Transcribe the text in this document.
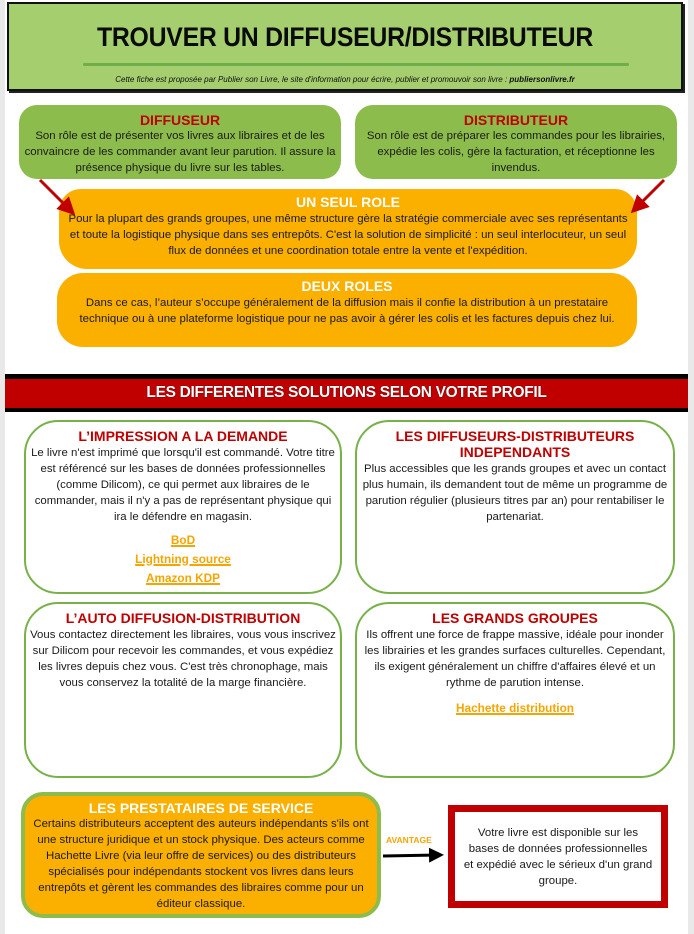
TROUVER UN DIFFUSEUR/DISTRIBUTEUR
Cette fiche est proposée par Publier son Livre, le site d'information pour écrire, publier et promouvoir son livre : publiersonlivre.fr
DIFFUSEUR
Son rôle est de présenter vos livres aux libraires et de les convaincre de les commander avant leur parution. Il assure la présence physique du livre sur les tables.
DISTRIBUTEUR
Son rôle est de préparer les commandes pour les librairies, expédie les colis, gère la facturation, et réceptionne les invendus.
UN SEUL ROLE
Pour la plupart des grands groupes, une même structure gère la stratégie commerciale avec ses représentants et toute la logistique physique dans ses entrepôts. C'est la solution de simplicité : un seul interlocuteur, un seul flux de données et une coordination totale entre la vente et l'expédition.
DEUX ROLES
Dans ce cas, l’auteur s’occupe généralement de la diffusion mais il confie la distribution à un prestataire technique ou à une plateforme logistique pour ne pas avoir à gérer les colis et les factures depuis chez lui.
LES DIFFERENTES SOLUTIONS SELON VOTRE PROFIL
L’IMPRESSION A LA DEMANDE
Le livre n'est imprimé que lorsqu'il est commandé. Votre titre est référencé sur les bases de données professionnelles (comme Dilicom), ce qui permet aux libraires de le commander, mais il n'y a pas de représentant physique qui ira le défendre en magasin.
BoD
Lightning source
Amazon KDP
LES DIFFUSEURS-DISTRIBUTEURS INDEPENDANTS
Plus accessibles que les grands groupes et avec un contact plus humain, ils demandent tout de même un programme de parution régulier (plusieurs titres par an) pour rentabiliser le partenariat.
L’AUTO DIFFUSION-DISTRIBUTION
Vous contactez directement les libraires, vous vous inscrivez sur Dilicom pour recevoir les commandes, et vous expédiez les livres depuis chez vous. C'est très chronophage, mais vous conservez la totalité de la marge financière.
LES GRANDS GROUPES
Ils offrent une force de frappe massive, idéale pour inonder les librairies et les grandes surfaces culturelles. Cependant, ils exigent généralement un chiffre d'affaires élevé et un rythme de parution intense.
Hachette distribution
LES PRESTATAIRES DE SERVICE
Certains distributeurs acceptent des auteurs indépendants s'ils ont une structure juridique et un stock physique. Des acteurs comme Hachette Livre (via leur offre de services) ou des distributeurs spécialisés pour indépendants stockent vos livres dans leurs entrepôts et gèrent les commandes des libraires comme pour un éditeur classique.
AVANTAGE
Votre livre est disponible sur les bases de données professionnelles et expédié avec le sérieux d'un grand groupe.
